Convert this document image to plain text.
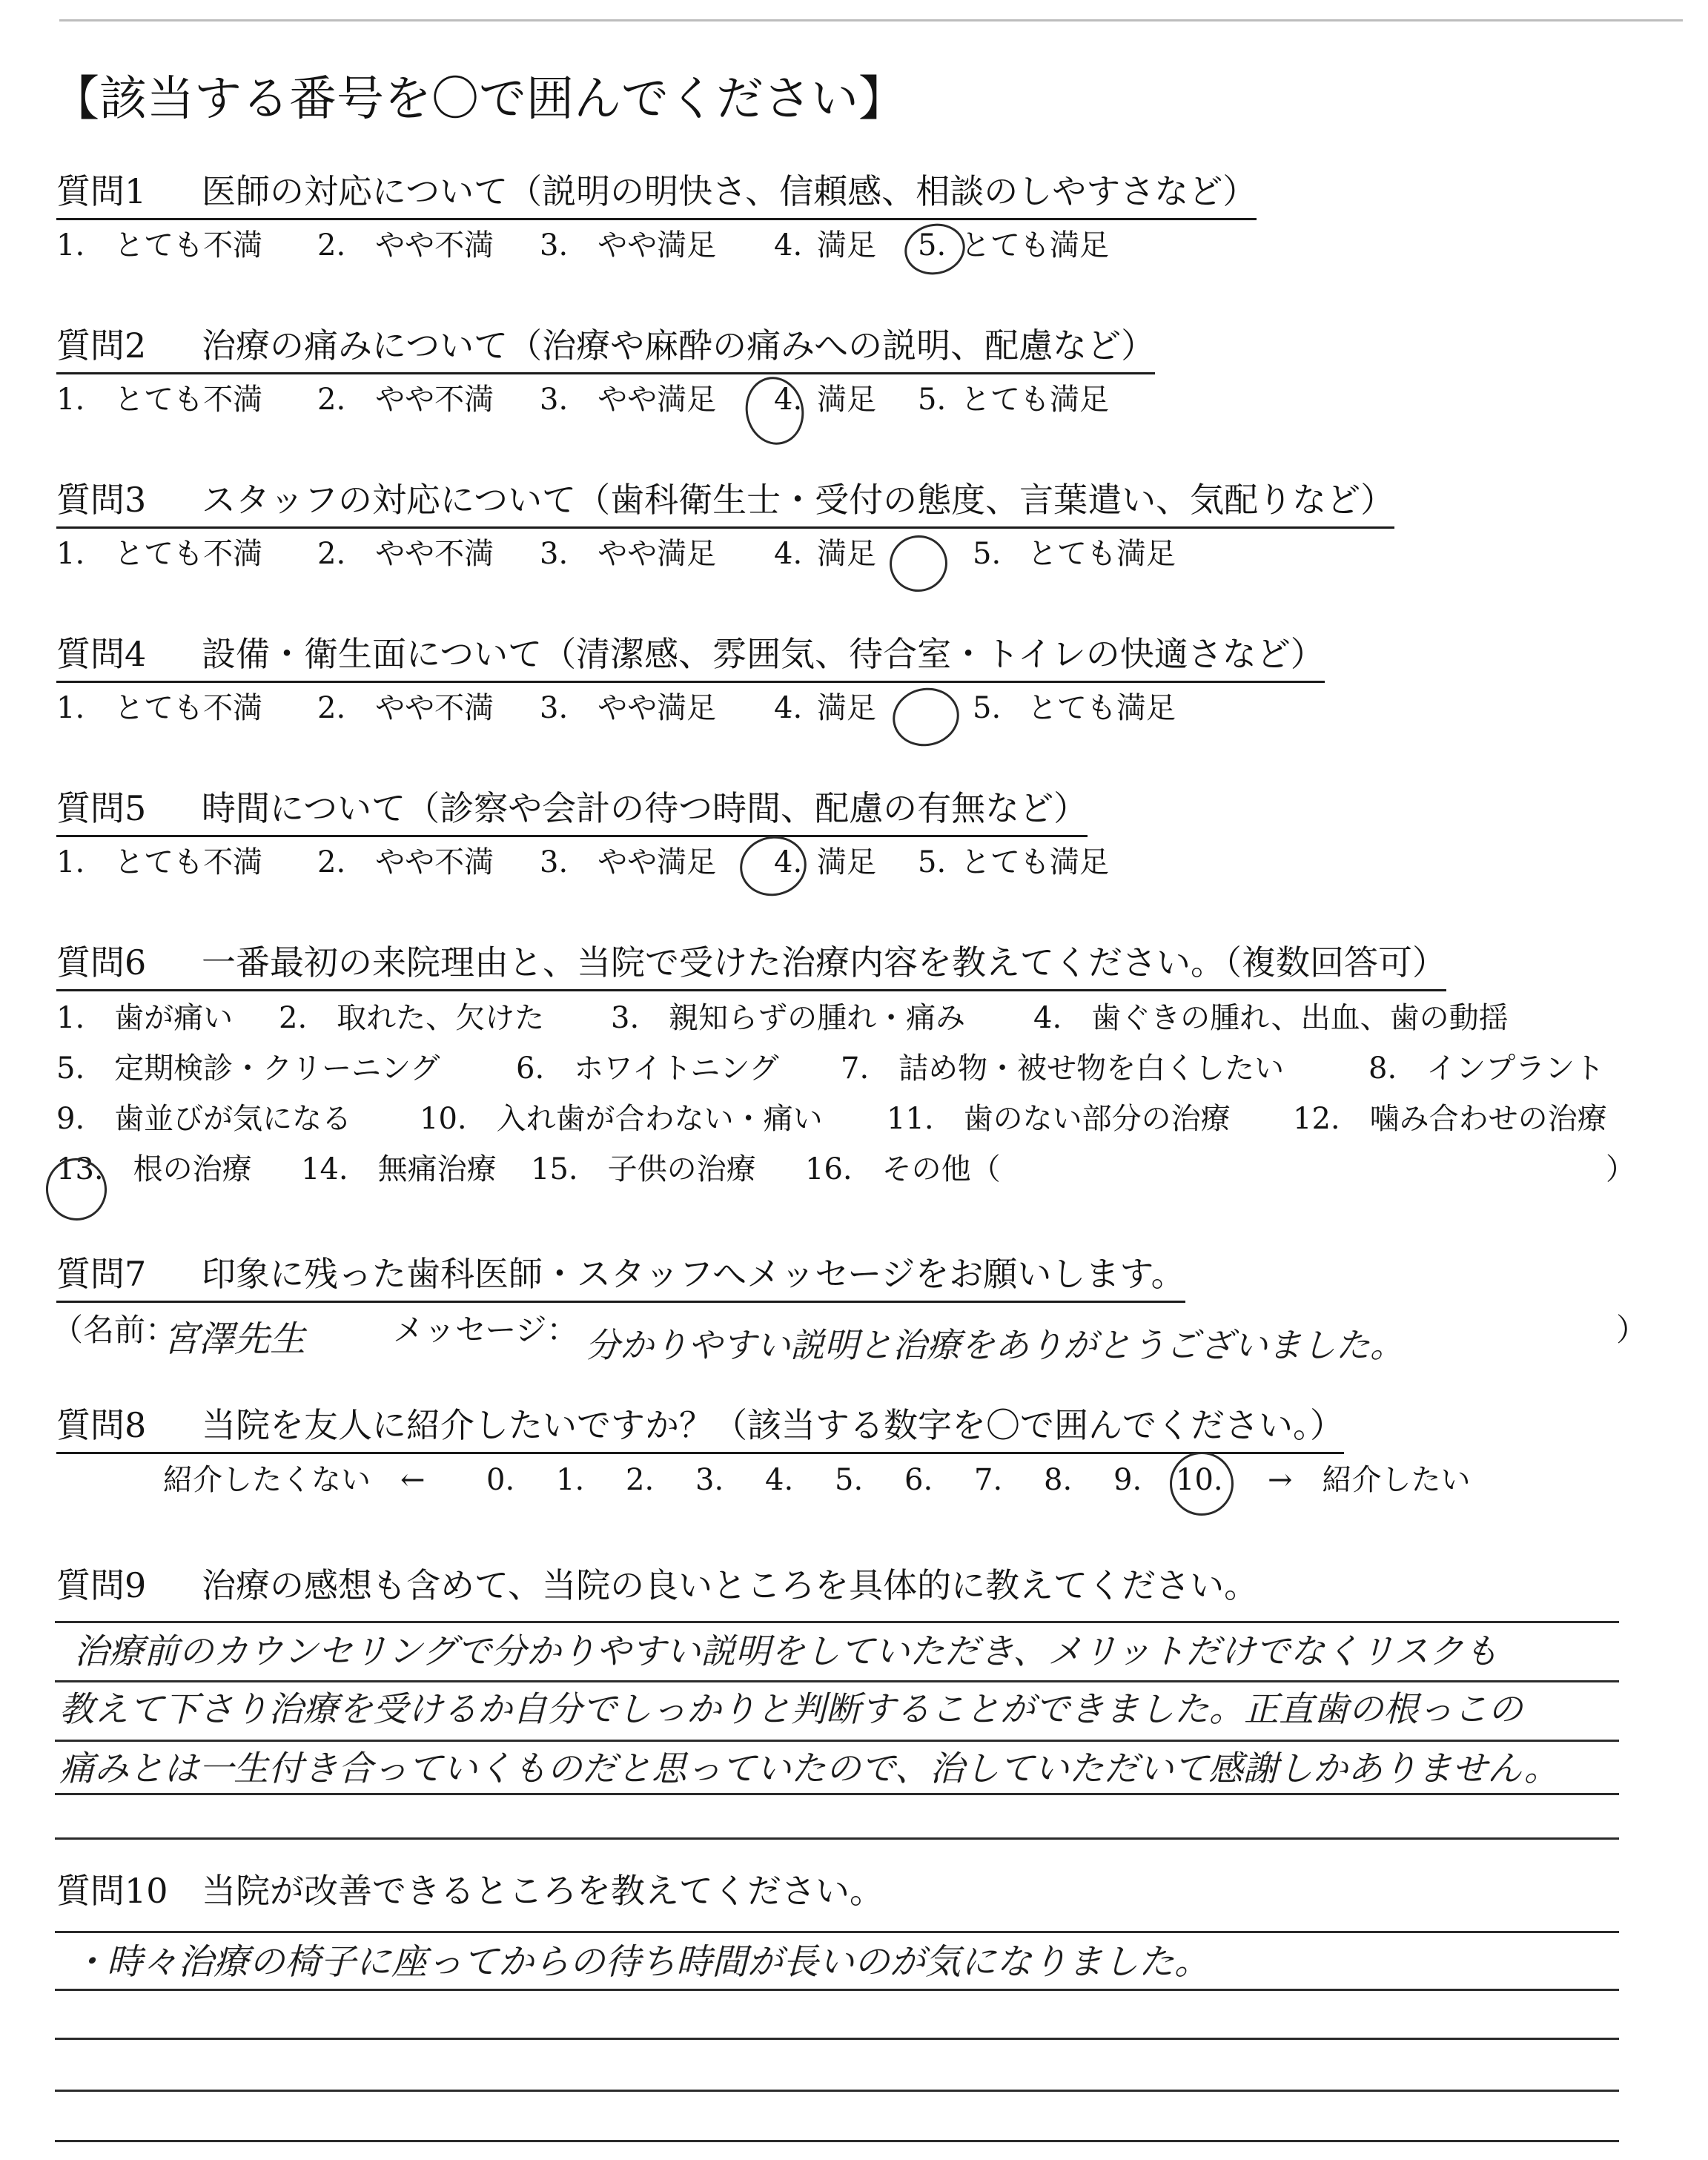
【該当する番号を〇で囲んでください】
質問1 医師の対応について（説明の明快さ、信頼感、相談のしやすさなど）
1.　とても不満 2.　やや不満 3.　やや満足 4. 満足 5. とても満足
質問2 治療の痛みについて（治療や麻酔の痛みへの説明、配慮など）
1.　とても不満 2.　やや不満 3.　やや満足 4. 満足 5. とても満足
質問3 スタッフの対応について（歯科衛生士・受付の態度、言葉遣い、気配りなど）
1.　とても不満 2.　やや不満 3.　やや満足 4. 満足	5. とても満足
質問4 設備・衛生面について（清潔感、雰囲気、待合室・トイレの快適さなど）
1.　とても不満 2.　やや不満 3.　やや満足 4. 満足	5. とても満足
質問5 時間について（診察や会計の待つ時間、配慮の有無など）
1.　とても不満 2.　やや不満 3.　やや満足 4. 満足 5. とても満足
質問6 一番最初の来院理由と、当院で受けた治療内容を教えてください。（複数回答可）
1.　歯が痛い 2.　取れた、欠けた 3.　親知らずの腫れ・痛み 4.　歯ぐきの腫れ、出血、歯の動揺
5.　定期検診・クリーニング	6.　ホワイトニング 7.　詰め物・被せ物を白くしたい	8.　インプラント
9.　歯並びが気になる 10.　入れ歯が合わない・痛い 11.　歯のない部分の治療 12.　噛み合わせの治療
13.　根の治療 14.　無痛治療 15.　子供の治療 16.　その他（	）
質問7 印象に残った歯科医師・スタッフへメッセージをお願いします。
（名前：
宮澤先生	メッセージ： 分かりやすい説明と治療をありがとうございました。	）
質問8 当院を友人に紹介したいですか？（該当する数字を〇で囲んでください。）
紹介したくない　← 0. 1. 2. 3. 4. 5. 6. 7. 8. 9. 10. →　紹介したい
質問9 治療の感想も含めて、当院の良いところを具体的に教えてください。
治療前のカウンセリングで分かりやすい説明をしていただき、メリットだけでなくリスクも
教えて下さり治療を受けるか自分でしっかりと判断することができました。正直歯の根っこの
痛みとは一生付き合っていくものだと思っていたので、治していただいて感謝しかありません。
質問10 当院が改善できるところを教えてください。
・時々治療の椅子に座ってからの待ち時間が長いのが気になりました。
